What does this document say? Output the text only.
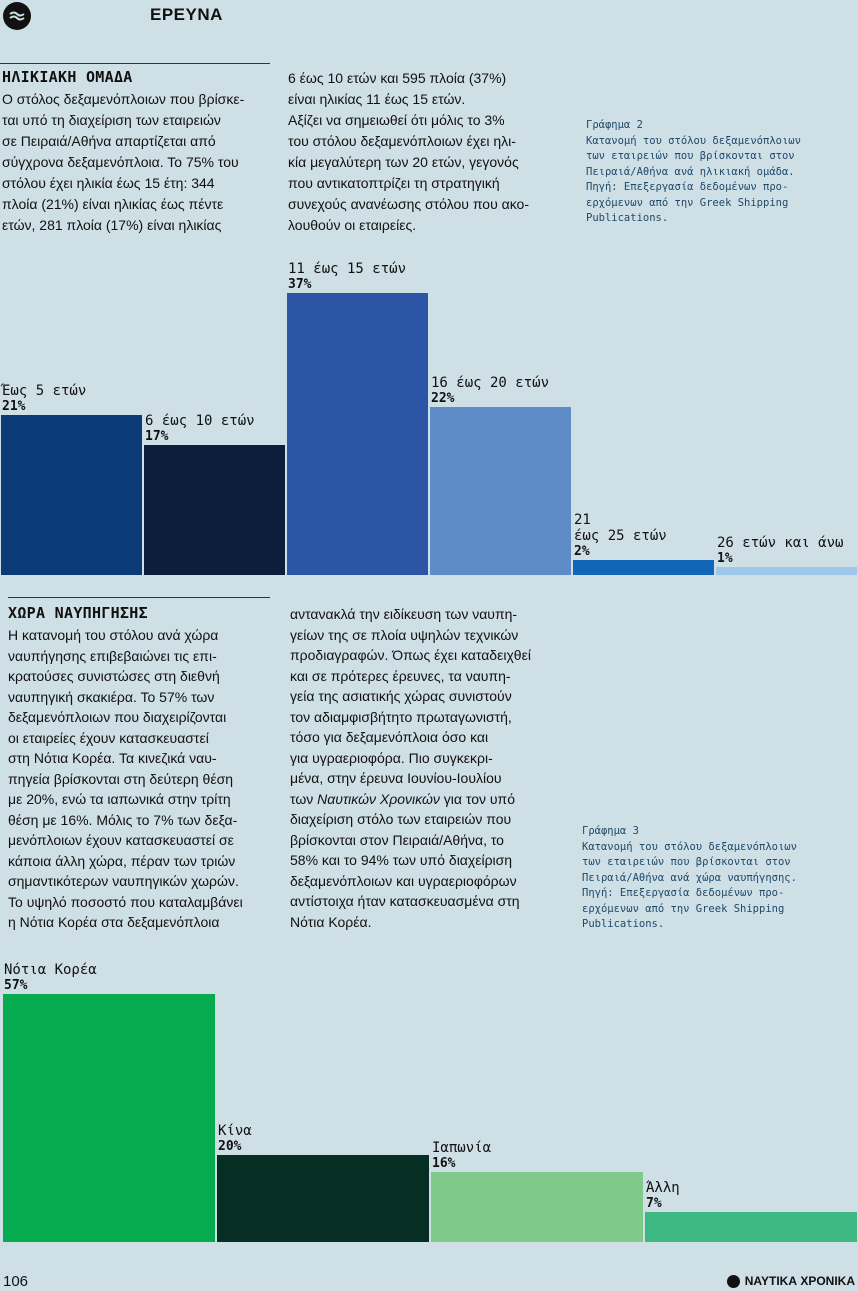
ΕΡΕΥΝΑ
ΗΛΙΚΙΑΚΗ ΟΜΑΔΑ
Ο στόλος δεξαμενόπλοιων που βρίσκε-
ται υπό τη διαχείριση των εταιρειών
σε Πειραιά/Αθήνα απαρτίζεται από
σύγχρονα δεξαμενόπλοια. Το 75% του
στόλου έχει ηλικία έως 15 έτη: 344
πλοία (21%) είναι ηλικίας έως πέντε
ετών, 281 πλοία (17%) είναι ηλικίας
6 έως 10 ετών και 595 πλοία (37%)
είναι ηλικίας 11 έως 15 ετών.
Αξίζει να σημειωθεί ότι μόλις το 3%
του στόλου δεξαμενόπλοιων έχει ηλι-
κία μεγαλύτερη των 20 ετών, γεγονός
που αντικατοπτρίζει τη στρατηγική
συνεχούς ανανέωσης στόλου που ακο-
λουθούν οι εταιρείες.
Γράφημα 2
Κατανομή του στόλου δεξαμενόπλοιων
των εταιρειών που βρίσκονται στον
Πειραιά/Αθήνα ανά ηλικιακή ομάδα.
Πηγή: Επεξεργασία δεδομένων προ-
ερχόμενων από την Greek Shipping
Publications.
21%
Έως 5 ετών
17%
6 έως 10 ετών
37%
11 έως 15 ετών
22%
16 έως 20 ετών
2%
21
έως 25 ετών
1%
26 ετών και άνω
ΧΩΡΑ ΝΑΥΠΗΓΗΣΗΣ
Η κατανομή του στόλου ανά χώρα
ναυπήγησης επιβεβαιώνει τις επι-
κρατούσες συνιστώσες στη διεθνή
ναυπηγική σκακιέρα. Το 57% των
δεξαμενόπλοιων που διαχειρίζονται
οι εταιρείες έχουν κατασκευαστεί
στη Νότια Κορέα. Τα κινεζικά ναυ-
πηγεία βρίσκονται στη δεύτερη θέση
με 20%, ενώ τα ιαπωνικά στην τρίτη
θέση με 16%. Μόλις το 7% των δεξα-
μενόπλοιων έχουν κατασκευαστεί σε
κάποια άλλη χώρα, πέραν των τριών
σημαντικότερων ναυπηγικών χωρών.
Το υψηλό ποσοστό που καταλαμβάνει
η Νότια Κορέα στα δεξαμενόπλοια
αντανακλά την ειδίκευση των ναυπη-
γείων της σε πλοία υψηλών τεχνικών
προδιαγραφών. Όπως έχει καταδειχθεί
και σε πρότερες έρευνες, τα ναυπη-
γεία της ασιατικής χώρας συνιστούν
τον αδιαμφισβήτητο πρωταγωνιστή,
τόσο για δεξαμενόπλοια όσο και
για υγραεριοφόρα. Πιο συγκεκρι-
μένα, στην έρευνα Ιουνίου-Ιουλίου
των Ναυτικών Χρονικών για τον υπό
διαχείριση στόλο των εταιρειών που
βρίσκονται στον Πειραιά/Αθήνα, το
58% και το 94% των υπό διαχείριση
δεξαμενόπλοιων και υγραεριοφόρων
αντίστοιχα ήταν κατασκευασμένα στη
Νότια Κορέα.
Γράφημα 3
Κατανομή του στόλου δεξαμενόπλοιων
των εταιρειών που βρίσκονται στον
Πειραιά/Αθήνα ανά χώρα ναυπήγησης.
Πηγή: Επεξεργασία δεδομένων προ-
ερχόμενων από την Greek Shipping
Publications.
57%
Νότια Κορέα
20%
Κίνα
16%
Ιαπωνία
7%
Άλλη
106	ΝΑΥΤΙΚΑ ΧΡΟΝΙΚΑ
